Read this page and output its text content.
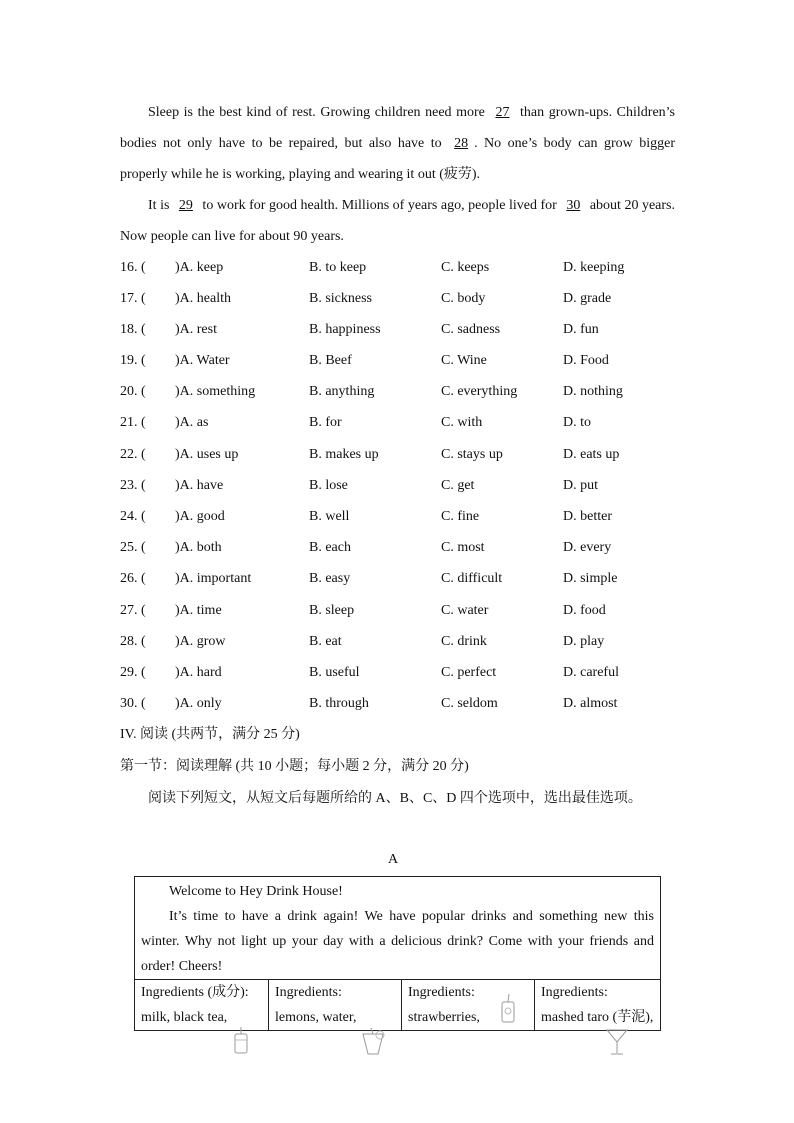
Sleep is the best kind of rest. Growing children need more 27 than grown-ups. Children’s bodies not only have to be repaired, but also have to 28 . No one’s body can grow bigger properly while he is working, playing and wearing it out (疲劳).
It is 29 to work for good health. Millions of years ago, people lived for 30 about 20 years. Now people can live for about 90 years.
16. ( )A. keep	B. to keep	C. keeps	D. keeping
17. ( )A. health	B. sickness	C. body	D. grade
18. ( )A. rest	B. happiness	C. sadness	D. fun
19. ( )A. Water	B. Beef	C. Wine	D. Food
20. ( )A. something	B. anything	C. everything	D. nothing
21. ( )A. as	B. for	C. with	D. to
22. ( )A. uses up	B. makes up	C. stays up	D. eats up
23. ( )A. have	B. lose	C. get	D. put
24. ( )A. good	B. well	C. fine	D. better
25. ( )A. both	B. each	C. most	D. every
26. ( )A. important	B. easy	C. difficult	D. simple
27. ( )A. time	B. sleep	C. water	D. food
28. ( )A. grow	B. eat	C. drink	D. play
29. ( )A. hard	B. useful	C. perfect	D. careful
30. ( )A. only	B. through	C. seldom	D. almost
IV. 阅读 (共两节，满分 25 分)
第一节：阅读理解 (共 10 小题；每小题 2 分，满分 20 分)
阅读下列短文，从短文后每题所给的 A、B、C、D 四个选项中，选出最佳选项。
A
Welcome to Hey Drink House!
It’s time to have a drink again! We have popular drinks and something new this winter. Why not light up your day with a delicious drink? Come with your friends and order! Cheers!

Ingredients (成分):
milk, black tea,

Ingredients:
lemons, water,

Ingredients:
strawberries,

Ingredients:
mashed taro (芋泥),
